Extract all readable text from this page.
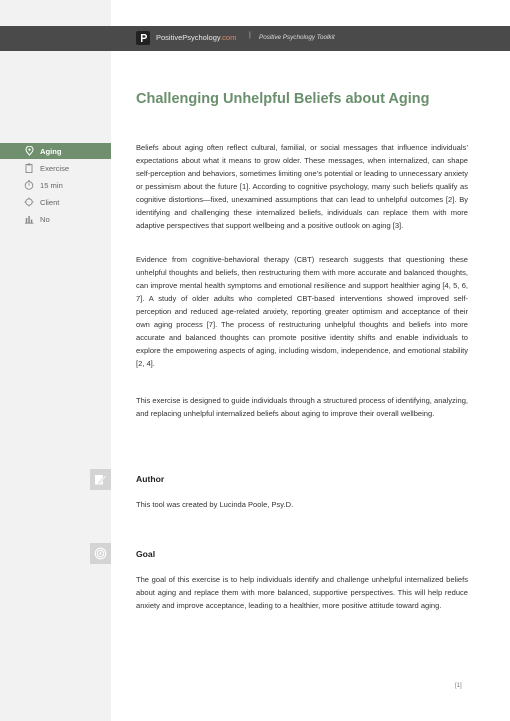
PositivePsychology.com | Positive Psychology Toolkit
Challenging Unhelpful Beliefs about Aging
Aging
Exercise
15 min
Client
No

Beliefs about aging often reflect cultural, familial, or social messages that influence individuals’ expectations about what it means to grow older. These messages, when internalized, can shape self-perception and behaviors, sometimes limiting one’s potential or leading to unnecessary anxiety or pessimism about the future [1]. According to cognitive psychology, many such beliefs qualify as cognitive distortions—fixed, unexamined assumptions that can lead to unhelpful outcomes [2]. By identifying and challenging these internalized beliefs, individuals can replace them with more adaptive perspectives that support wellbeing and a positive outlook on aging [3].

Evidence from cognitive-behavioral therapy (CBT) research suggests that questioning these unhelpful thoughts and beliefs, then restructuring them with more accurate and balanced thoughts, can improve mental health symptoms and emotional resilience and support healthier aging [4, 5, 6, 7]. A study of older adults who completed CBT-based interventions showed improved self-perception and reduced age-related anxiety, reporting greater optimism and acceptance of their own aging process [7]. The process of restructuring unhelpful thoughts and beliefs into more accurate and balanced thoughts can promote positive identity shifts and enable individuals to explore the empowering aspects of aging, including wisdom, independence, and emotional stability [2, 4].

This exercise is designed to guide individuals through a structured process of identifying, analyzing, and replacing unhelpful internalized beliefs about aging to improve their overall wellbeing.

Author

This tool was created by Lucinda Poole, Psy.D.

Goal

The goal of this exercise is to help individuals identify and challenge unhelpful internalized beliefs about aging and replace them with more balanced, supportive perspectives. This will help reduce anxiety and improve acceptance, leading to a healthier, more positive attitude toward aging.

[1]
